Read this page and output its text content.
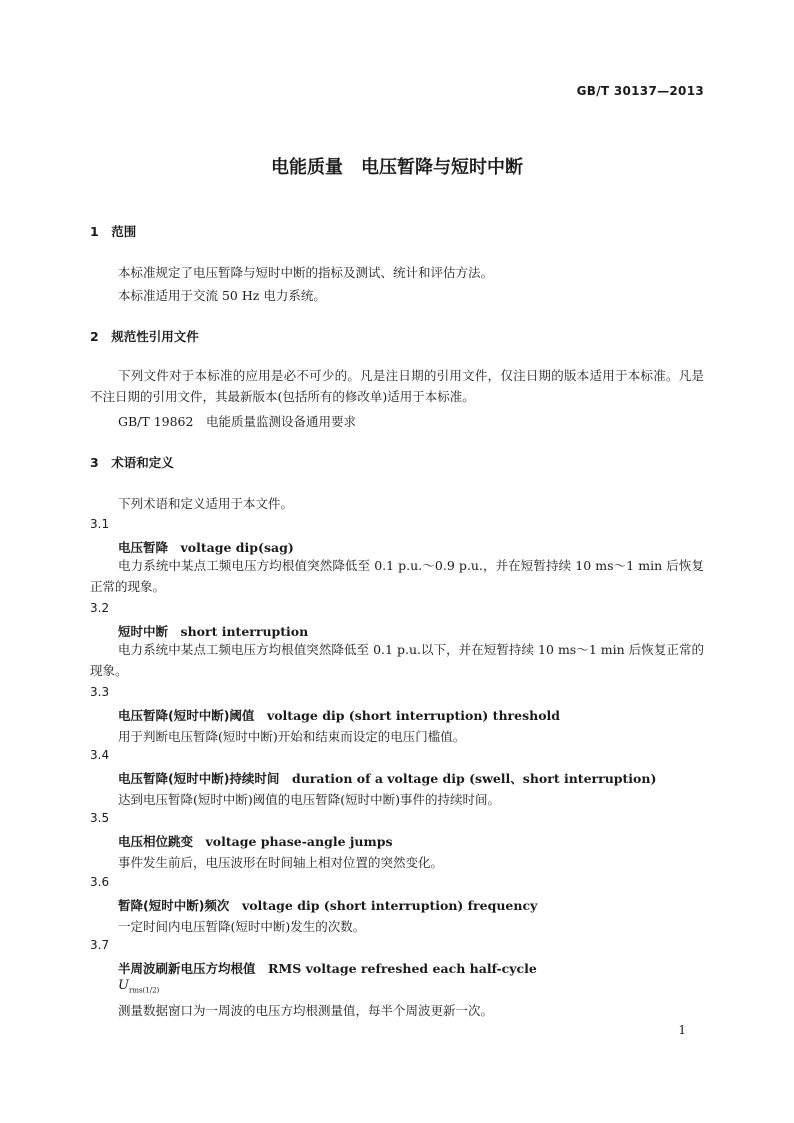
GB/T 30137—2013
电能质量　电压暂降与短时中断
1　 范围
本标准规定了电压暂降与短时中断的指标及测试、统计和评估方法。
本标准适用于交流 50 Hz 电力系统。
2　 规范性引用文件
下列文件对于本标准的应用是必不可少的。凡是注日期的引用文件，仅注日期的版本适用于本标准。凡是不注日期的引用文件，其最新版本(包括所有的修改单)适用于本标准。
GB/T 19862　电能质量监测设备通用要求
3　 术语和定义
下列术语和定义适用于本文件。
3.1
电压暂降　 voltage dip(sag)
电力系统中某点工频电压方均根值突然降低至 0.1 p.u.～0.9 p.u.，并在短暂持续 10 ms～1 min 后恢复正常的现象。
3.2
短时中断　 short interruption
电力系统中某点工频电压方均根值突然降低至 0.1 p.u.以下，并在短暂持续 10 ms～1 min 后恢复正常的现象。
3.3
电压暂降(短时中断)阈值　 voltage dip (short interruption) threshold
用于判断电压暂降(短时中断)开始和结束而设定的电压门槛值。
3.4
电压暂降(短时中断)持续时间　 duration of a voltage dip (swell、short interruption)
达到电压暂降(短时中断)阈值的电压暂降(短时中断)事件的持续时间。
3.5
电压相位跳变　 voltage phase-angle jumps
事件发生前后，电压波形在时间轴上相对位置的突然变化。
3.6
暂降(短时中断)频次　 voltage dip (short interruption) frequency
一定时间内电压暂降(短时中断)发生的次数。
3.7
半周波刷新电压方均根值　 RMS voltage refreshed each half-cycle
$U_{rms(1/2)}$
测量数据窗口为一周波的电压方均根测量值，每半个周波更新一次。
1
